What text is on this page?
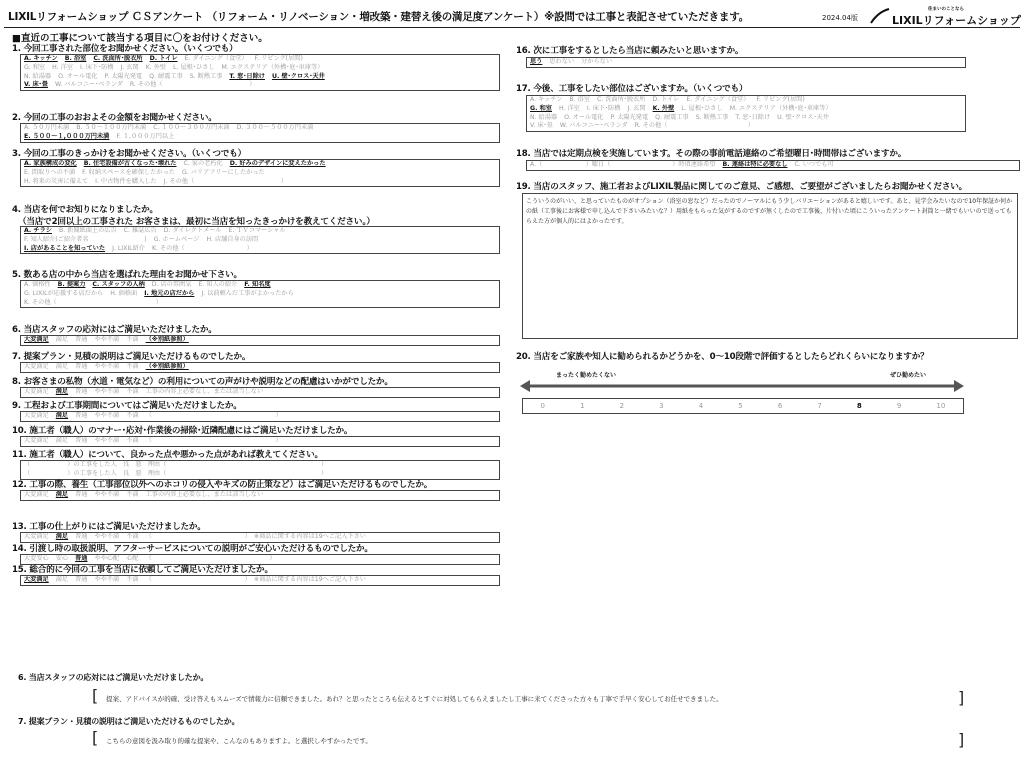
LIXILリフォームショップ ＣＳアンケート （リフォーム・リノベーション・増改築・建替え後の満足度アンケート）※設問では工事と表記させていただきます。	2024.04版
住まいのことなら
LIXILリフォームショップ
■直近の工事について該当する項目に〇をお付けください。
1. 今回工事された部位をお聞かせください。（いくつでも）
A. キッチン B. 浴室 C. 洗面所･脱衣所 D. トイレ E. ダイニング（食堂） F. リビング(居間)
G. 和室 H. 洋室 I. 床下･防構 J. 玄関 K. 外壁 L. 屋根･ひさし M. エクステリア（外構･庭･車庫等）
N. 給湯器 O. オール電化 P. 太陽光発電 Q. 耐震工事 S. 断熱工事 T. 窓･日除け U. 壁･クロス･天井
V. 床･畳 W. バルコニー･ベランダ R. その他（　　　　　　　　　　　　　　）
2. 今回の工事のおおよその金額をお聞かせください。
A. ５０万円未満 B. ５０～１００万円未満 C. １００～３００万円未満 D. ３００～５００万円未満
E. ５００～１,０００万円未満 F. １,０００万円以上
3. 今回の工事のきっかけをお聞かせください。（いくつでも）
A. 家族構成の変化 B. 住宅設備が古くなった･壊れた C. 家の老朽化 D. 好みのデザインに変えたかった
E. 間取りへの不満 F. 収納スペースを確保したかった G. バリアフリーにしたかった
H. 将来の災害に備えて I. 中古物件を購入した J. その他（　　　　　　　　　　　　　　）
4. 当店を何でお知りになりましたか。
（当店で2回以上の工事された お客さまは、最初に当店を知ったきっかけを教えてください。）
A. チラシ B. 新聞紙面上の広告 C. 雑誌広告 D. ダイレクトメール E. ＴＶコマーシャル
F. 知人紹介(ご紹介者名　　　　　　　　　) G. ホームページ H. 店舗自身の訪問
I. 店があることを知っていた J. LIXIL紹介 K. その他（　　　　　　　　　　）
5. 数ある店の中から当店を選ばれた理由をお聞かせ下さい。
A. 価格性 B. 提案力 C. スタッフの人柄 D. 店の雰囲気 E. 知人の紹介 F. 知名度
G. LIXILが応援する店だから H. 価格面 I. 地元の店だから J. 以前頼んだ工事がよかったから
K. その他（　　　　　　　　　　　　　　　　）
6. 当店スタッフの応対にはご満足いただけましたか。
大変満足 満足 普通 やや不満 不満 （※別紙参照）
7. 提案プラン・見積の説明はご満足いただけるものでしたか。
大変満足 満足 普通 やや不満 不満 （※別紙参照）
8. お客さまの私物（水道・電気など）の利用についての声がけや説明などの配慮はいかがでしたか。
大変満足 満足 普通 やや不満 不満 工事の内容上必要なし、または該当しない
9. 工程および工事期間についてはご満足いただけましたか。
大変満足 満足 普通 やや不満 不満 （　　　　　　　　　　　　　　　　　　　　）
10. 施工者（職人）のマナー･応対･作業後の掃除･近隣配慮にはご満足いただけましたか。
大変満足 満足 普通 やや不満 不満 （　　　　　　　　　　　　　　　　　　　　）
11. 施工者（職人）について、良かった点や悪かった点があれば教えてください。
（　　　　　　）の工事をした人　良　悪　理由（　　　　　　　　　　　　　　　　　　　　　　　　　）
（　　　　　　）の工事をした人　良　悪　理由（　　　　　　　　　　　　　　　　　　　　　　　　　）
12. 工事の際、養生（工事部位以外へのホコリの侵入やキズの防止策など）はご満足いただけるものでしたか。
大変満足 満足 普通 やや不満 不満 工事の内容上必要なし、または該当しない
13. 工事の仕上がりにはご満足いただけましたか。
大変満足 満足 普通 やや不満 不満 （　　　　　　　　　　　　　　　）　※商品に関する内容は19へご記入下さい
14. 引渡し時の取扱説明、アフターサービスについての説明がご安心いただけるものでしたか。
大変安心 安心 普通 やや心配 心配 （　　　　　　　　　　　　　　　　　　　）
15. 総合的に今回の工事を当店に依頼してご満足いただけましたか。
大変満足 満足 普通 やや不満 不満 （　　　　　　　　　　　　　　　）　※商品に関する内容は19へご記入下さい
16. 次に工事をするとしたら当店に頼みたいと思いますか。
思う 思わない 分からない
17. 今後、工事をしたい部位はございますか。（いくつでも）
A. キッチン B. 浴室 C. 洗面所･脱衣所 D. トイレ E. ダイニング（食堂） F. リビング(居間)
G. 和室 H. 洋室 I. 床下･防構 J. 玄関 K. 外壁 L. 屋根･ひさし M. エクステリア（外構･庭･車庫等）
N. 給湯器 O. オール電化 P. 太陽光発電 Q. 耐震工事 S. 断熱工事 T. 窓･日除け U. 壁･クロス･天井
V. 床･畳 W. バルコニー･ベランダ R. その他（　　　　　　　　　　　　　）
18. 当店では定期点検を実施しています。その際の事前電話連絡のご希望曜日･時間帯はございますか。
A.（　　　　　　　）曜日（　　　　　　　　　　）時頃連絡希望 B. 連絡は特に必要なし C. いつでも可
19. 当店のスタッフ、施工者およびLIXIL製品に関してのご意見、ご感想、ご要望がございましたらお聞かせください。
こういうのがいい、と思っていたものがオプション（浴室の窓など）だったのでノーマルにもう少しバリエーションがあると嬉しいです。あと、見学会みたいなので10年保証か何かの紙（工事後にお客様で申し込んで下さいみたいな？）用紙をもらった気がするのですが無くしたので工事後、片付いた頃にこういったアンケート封筒と一緒でもいいので送ってもらえた方が個人的にはよかったです。
20. 当店をご家族や知人に勧められるかどうかを、0～10段階で評価するとしたらどれくらいになりますか？
まったく勧めたくない	ぜひ勧めたい
0	1	2	3	4	5	6	7	8	9	10
6. 当店スタッフの応対にはご満足いただけましたか。
[ 提案、アドバイスが的確、受け答えもスムーズで情報力に信頼できました。あれ？と思ったところも伝えるとすぐに対処してもらえましたし工事に来てくださった方々も丁寧で手早く安心してお任せできました。	]
7. 提案プラン・見積の説明はご満足いただけるものでしたか。
[ こちらの意図を汲み取り的確な提案や、こんなのもありますよ。と選択しやすかったです。	]
